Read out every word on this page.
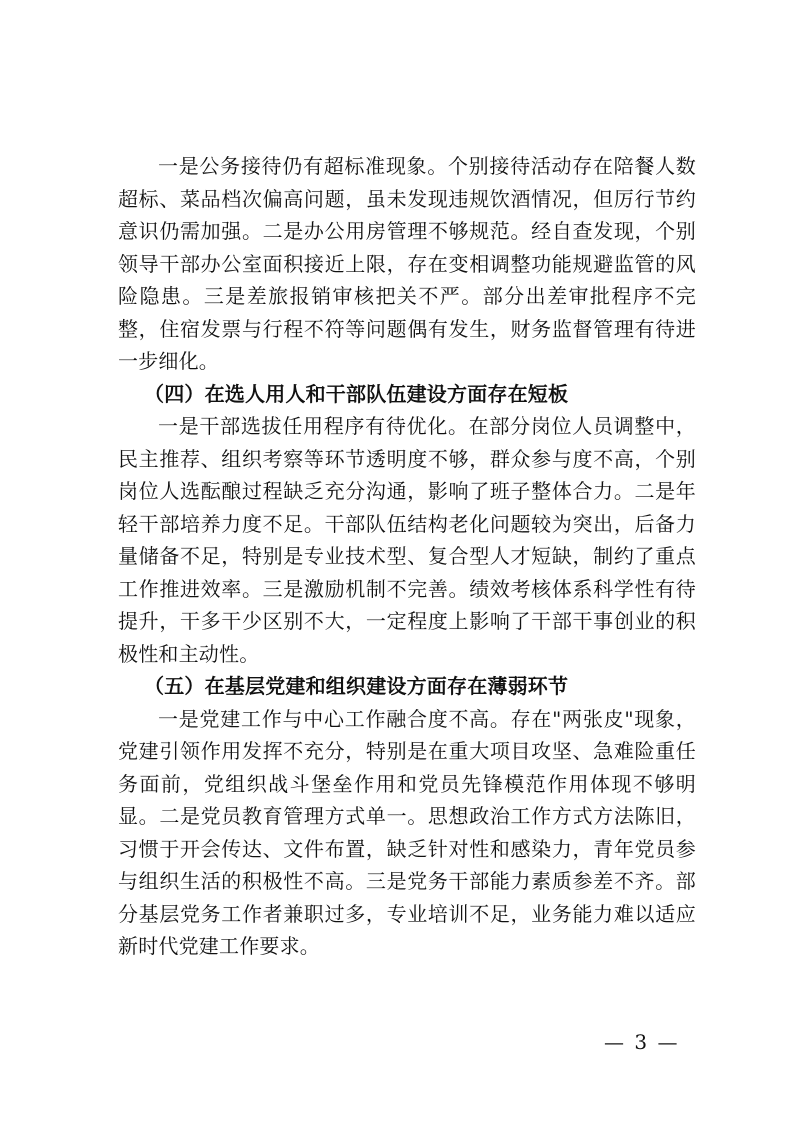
一是公务接待仍有超标准现象。个别接待活动存在陪餐人数超标、菜品档次偏高问题，虽未发现违规饮酒情况，但厉行节约意识仍需加强。二是办公用房管理不够规范。经自查发现，个别领导干部办公室面积接近上限，存在变相调整功能规避监管的风险隐患。三是差旅报销审核把关不严。部分出差审批程序不完整，住宿发票与行程不符等问题偶有发生，财务监督管理有待进一步细化。

（四）在选人用人和干部队伍建设方面存在短板

一是干部选拔任用程序有待优化。在部分岗位人员调整中，民主推荐、组织考察等环节透明度不够，群众参与度不高，个别岗位人选酝酿过程缺乏充分沟通，影响了班子整体合力。二是年轻干部培养力度不足。干部队伍结构老化问题较为突出，后备力量储备不足，特别是专业技术型、复合型人才短缺，制约了重点工作推进效率。三是激励机制不完善。绩效考核体系科学性有待提升，干多干少区别不大，一定程度上影响了干部干事创业的积极性和主动性。

（五）在基层党建和组织建设方面存在薄弱环节

一是党建工作与中心工作融合度不高。存在"两张皮"现象，党建引领作用发挥不充分，特别是在重大项目攻坚、急难险重任务面前，党组织战斗堡垒作用和党员先锋模范作用体现不够明显。二是党员教育管理方式单一。思想政治工作方式方法陈旧，习惯于开会传达、文件布置，缺乏针对性和感染力，青年党员参与组织生活的积极性不高。三是党务干部能力素质参差不齐。部分基层党务工作者兼职过多，专业培训不足，业务能力难以适应新时代党建工作要求。

— 3 —
